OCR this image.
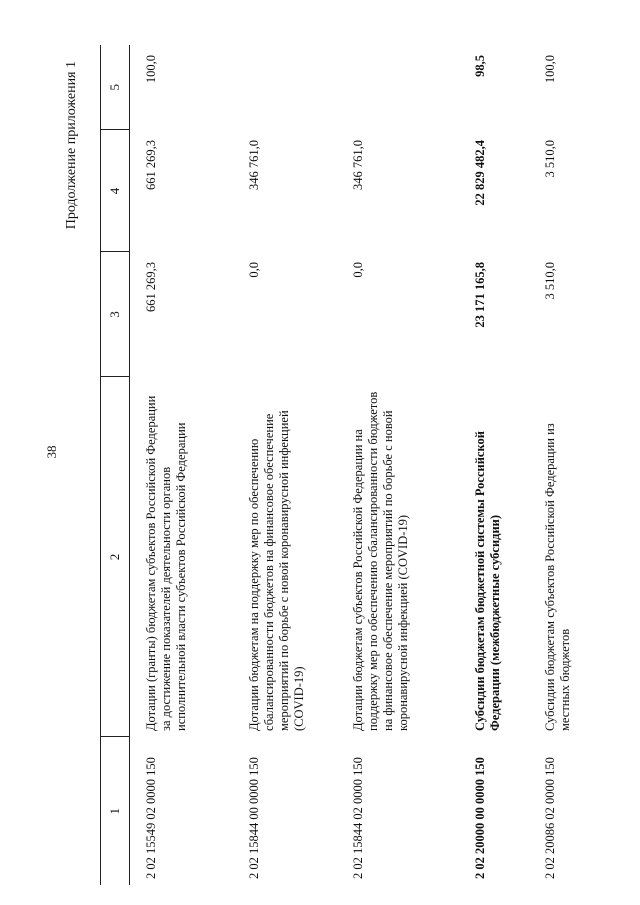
38
Продолжение приложения 1
1	2	3	4	5
2 02 15549 02 0000 150	Дотации (гранты) бюджетам субъектов Российской Федерации за достижение показателей деятельности органов исполнительной власти субъектов Российской Федерации	661 269,3	661 269,3	100,0
2 02 15844 00 0000 150	Дотации бюджетам на поддержку мер по обеспечению сбалансированности бюджетов на финансовое обеспечение мероприятий по борьбе с новой коронавирусной инфекцией (COVID-19)	0,0	346 761,0	
2 02 15844 02 0000 150	Дотации бюджетам субъектов Российской Федерации на поддержку мер по обеспечению сбалансированности бюджетов на финансовое обеспечение мероприятий по борьбе с новой коронавирусной инфекцией (COVID-19)	0,0	346 761,0	
2 02 20000 00 0000 150	Субсидии бюджетам бюджетной системы Российской Федерации (межбюджетные субсидии)	23 171 165,8	22 829 482,4	98,5
2 02 20086 02 0000 150	Субсидии бюджетам субъектов Российской Федерации из местных бюджетов	3 510,0	3 510,0	100,0
